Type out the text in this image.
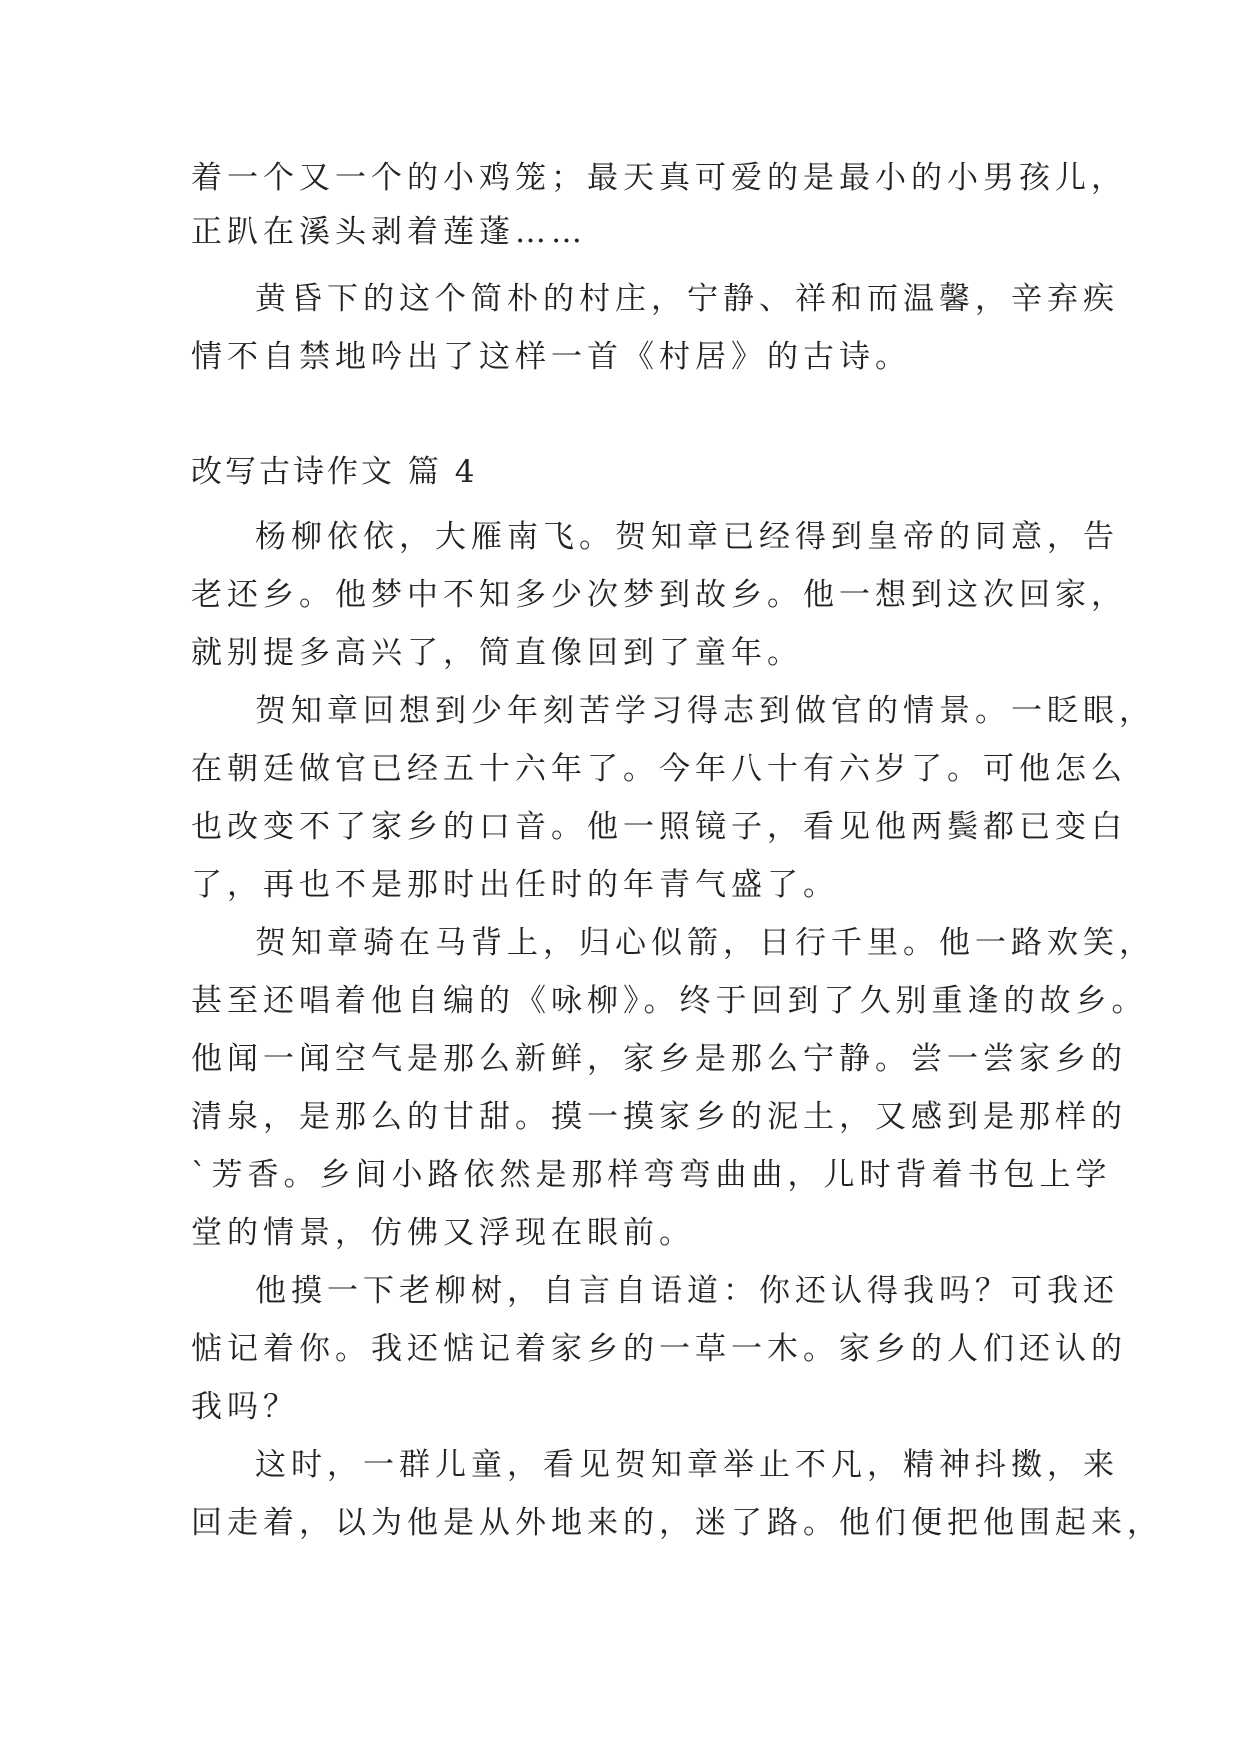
着一个又一个的小鸡笼；最天真可爱的是最小的小男孩儿，
正趴在溪头剥着莲蓬……
黄昏下的这个简朴的村庄，宁静、祥和而温馨，辛弃疾
情不自禁地吟出了这样一首《村居》的古诗。
改写古诗作文 篇 4
杨柳依依，大雁南飞。贺知章已经得到皇帝的同意，告
老还乡。他梦中不知多少次梦到故乡。他一想到这次回家，
就别提多高兴了，简直像回到了童年。
贺知章回想到少年刻苦学习得志到做官的情景。一眨眼，
在朝廷做官已经五十六年了。今年八十有六岁了。可他怎么
也改变不了家乡的口音。他一照镜子，看见他两鬓都已变白
了，再也不是那时出任时的年青气盛了。
贺知章骑在马背上，归心似箭，日行千里。他一路欢笑，
甚至还唱着他自编的《咏柳》。终于回到了久别重逢的故乡。
他闻一闻空气是那么新鲜，家乡是那么宁静。尝一尝家乡的
清泉，是那么的甘甜。摸一摸家乡的泥土，又感到是那样的
`芳香。乡间小路依然是那样弯弯曲曲，儿时背着书包上学
堂的情景，仿佛又浮现在眼前。
他摸一下老柳树，自言自语道：你还认得我吗？可我还
惦记着你。我还惦记着家乡的一草一木。家乡的人们还认的
我吗？
这时，一群儿童，看见贺知章举止不凡，精神抖擞，来
回走着，以为他是从外地来的，迷了路。他们便把他围起来，
